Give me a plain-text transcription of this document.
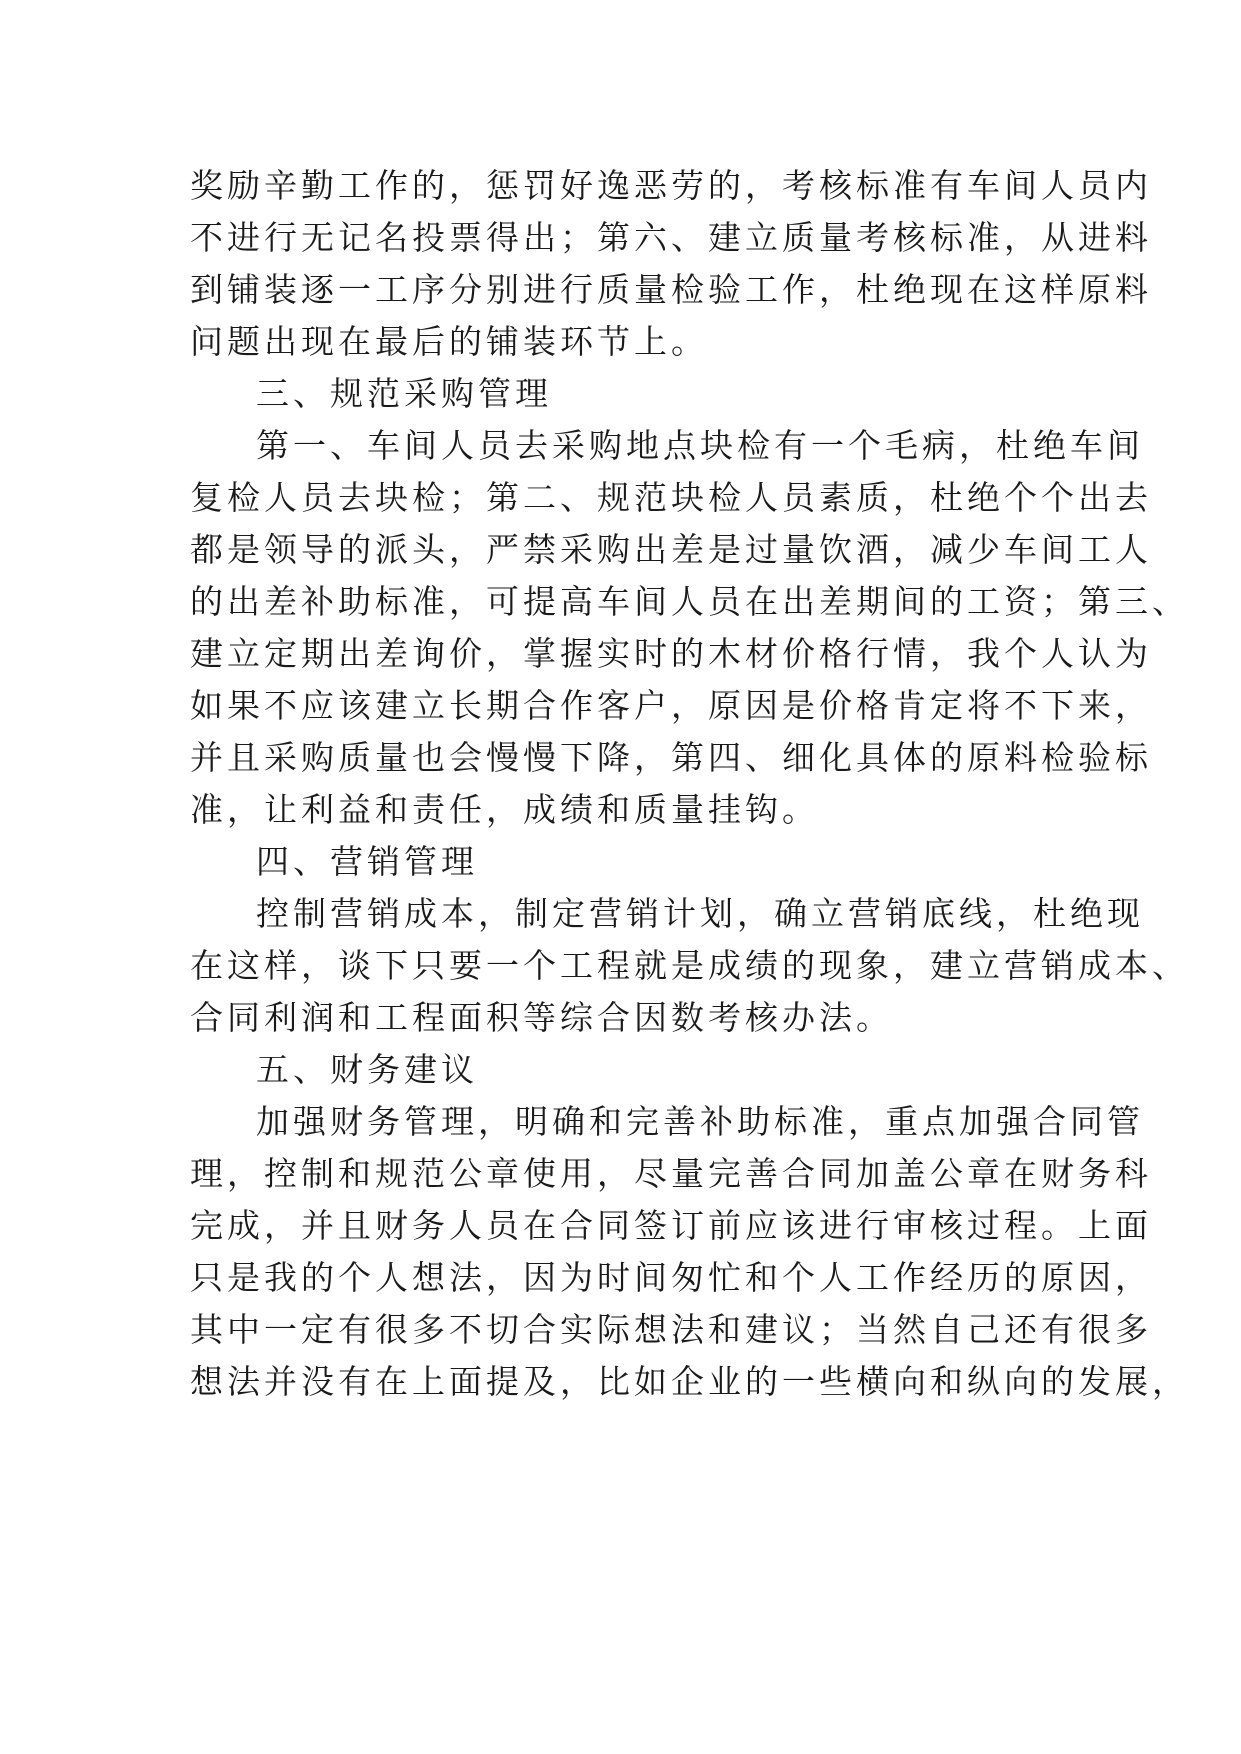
奖励辛勤工作的，惩罚好逸恶劳的，考核标准有车间人员内
不进行无记名投票得出；第六、建立质量考核标准，从进料
到铺装逐一工序分别进行质量检验工作，杜绝现在这样原料
问题出现在最后的铺装环节上。
三、规范采购管理
第一、车间人员去采购地点块检有一个毛病，杜绝车间
复检人员去块检；第二、规范块检人员素质，杜绝个个出去
都是领导的派头，严禁采购出差是过量饮酒，减少车间工人
的出差补助标准，可提高车间人员在出差期间的工资；第三、
建立定期出差询价，掌握实时的木材价格行情，我个人认为
如果不应该建立长期合作客户，原因是价格肯定将不下来，
并且采购质量也会慢慢下降，第四、细化具体的原料检验标
准，让利益和责任，成绩和质量挂钩。
四、营销管理
控制营销成本，制定营销计划，确立营销底线，杜绝现
在这样，谈下只要一个工程就是成绩的现象，建立营销成本、
合同利润和工程面积等综合因数考核办法。
五、财务建议
加强财务管理，明确和完善补助标准，重点加强合同管
理，控制和规范公章使用，尽量完善合同加盖公章在财务科
完成，并且财务人员在合同签订前应该进行审核过程。上面
只是我的个人想法，因为时间匆忙和个人工作经历的原因，
其中一定有很多不切合实际想法和建议；当然自己还有很多
想法并没有在上面提及，比如企业的一些横向和纵向的发展，
